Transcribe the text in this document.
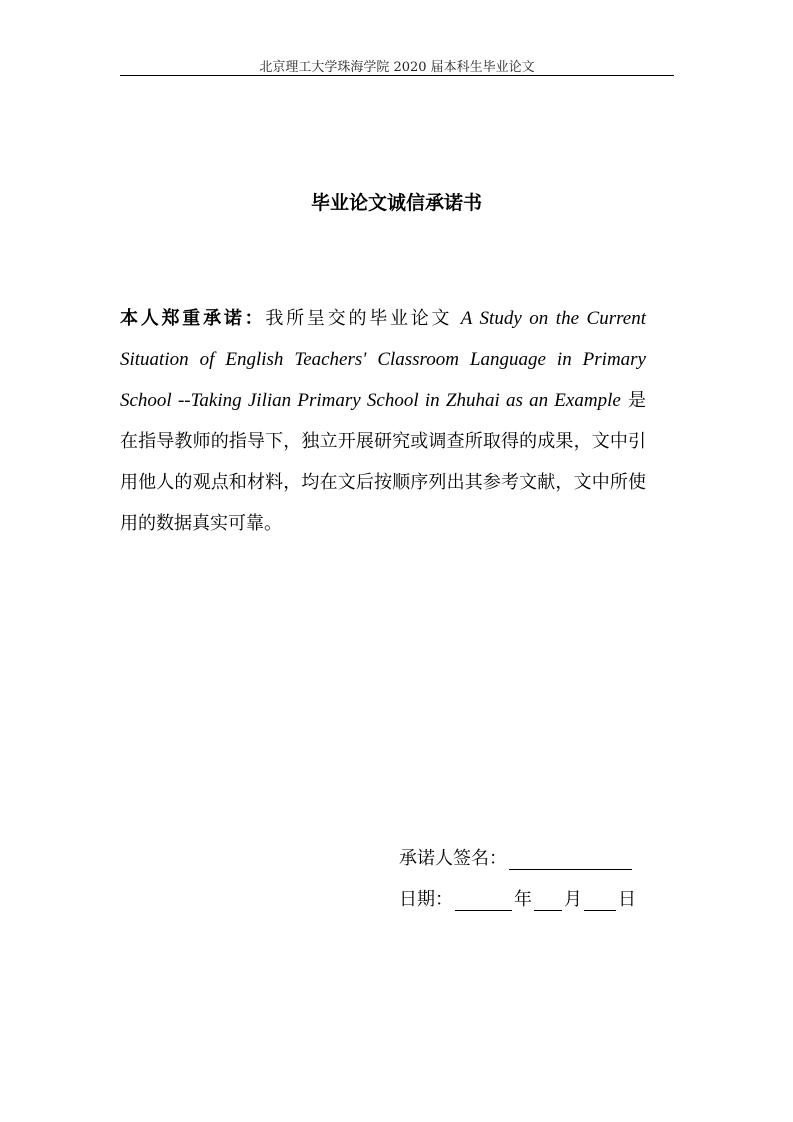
北京理工大学珠海学院 2020 届本科生毕业论文
毕业论文诚信承诺书
本人郑重承诺：我所呈交的毕业论文 A Study on the Current Situation of English Teachers' Classroom Language in Primary School --Taking Jilian Primary School in Zhuhai as an Example 是在指导教师的指导下，独立开展研究或调查所取得的成果，文中引用他人的观点和材料，均在文后按顺序列出其参考文献，文中所使用的数据真实可靠。
承诺人签名：
日期：	年 月 日
